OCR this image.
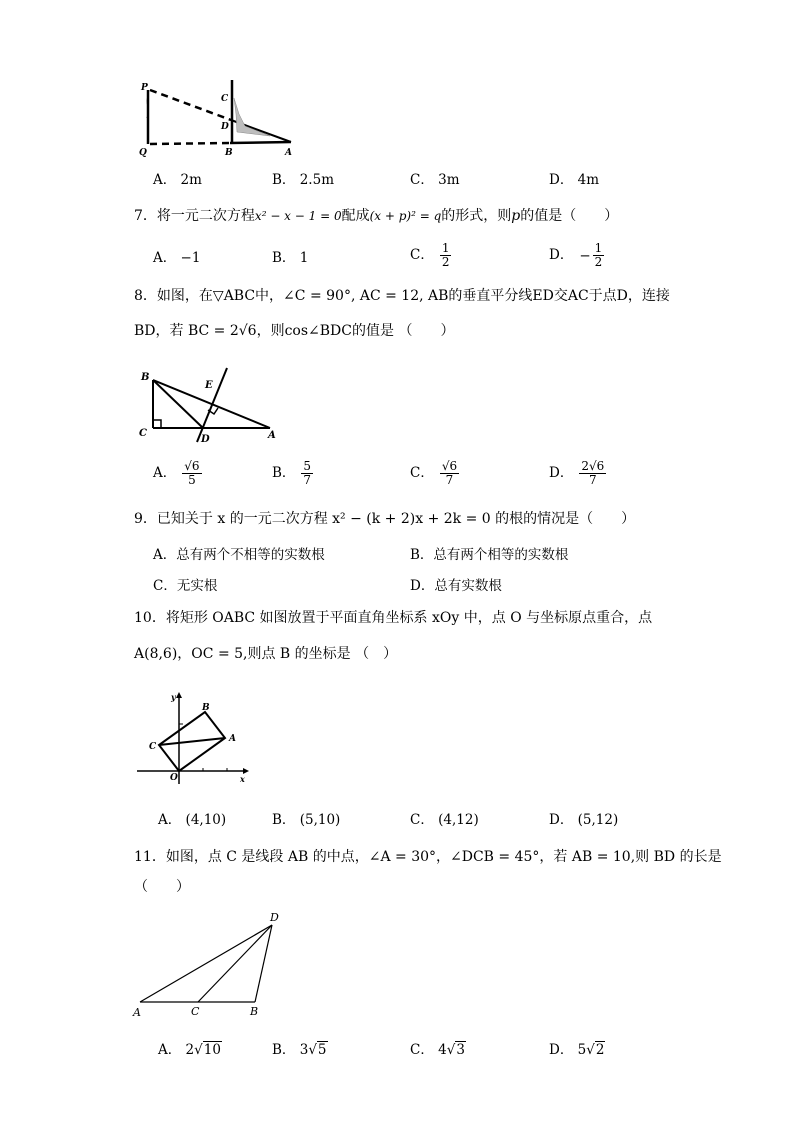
P
C
D
Q	B	A
A． 2m	B． 2.5m	C． 3m	D． 4m
7．将一元二次方程x² − x − 1 = 0配成(x + p)² = q的形式，则p的值是（　　）
A． −1	B． 1	C． $\frac{1}{2}$	D． − $\frac{1}{2}$
8．如图，在▽ABC中，∠C = 90°, AC = 12, AB的垂直平分线ED交AC于点D，连接
BD，若 BC = 2√6，则cos∠BDC的值是 （　　）
B
E
C
D	A
A． $\frac{√6}{5}$	B． $\frac{5}{7}$	C． $\frac{√6}{7}$	D． $\frac{2√6}{7}$
9．已知关于 x 的一元二次方程 x² − (k + 2)x + 2k = 0 的根的情况是（　　）
A．总有两个不相等的实数根	B．总有两个相等的实数根
C．无实根	D．总有实数根
10．将矩形 OABC 如图放置于平面直角坐标系 xOy 中，点 O 与坐标原点重合，点
A(8,6)，OC = 5,则点 B 的坐标是 （　）
y
B
C
A
O	x
A． (4,10)	B． (5,10)	C． (4,12)	D． (5,12)
11．如图，点 C 是线段 AB 的中点，∠A = 30°，∠DCB = 45°，若 AB = 10,则 BD 的长是
（　　）
D
A	C	B
A． 2√10	B． 3√5	C． 4√3	D． 5√2
